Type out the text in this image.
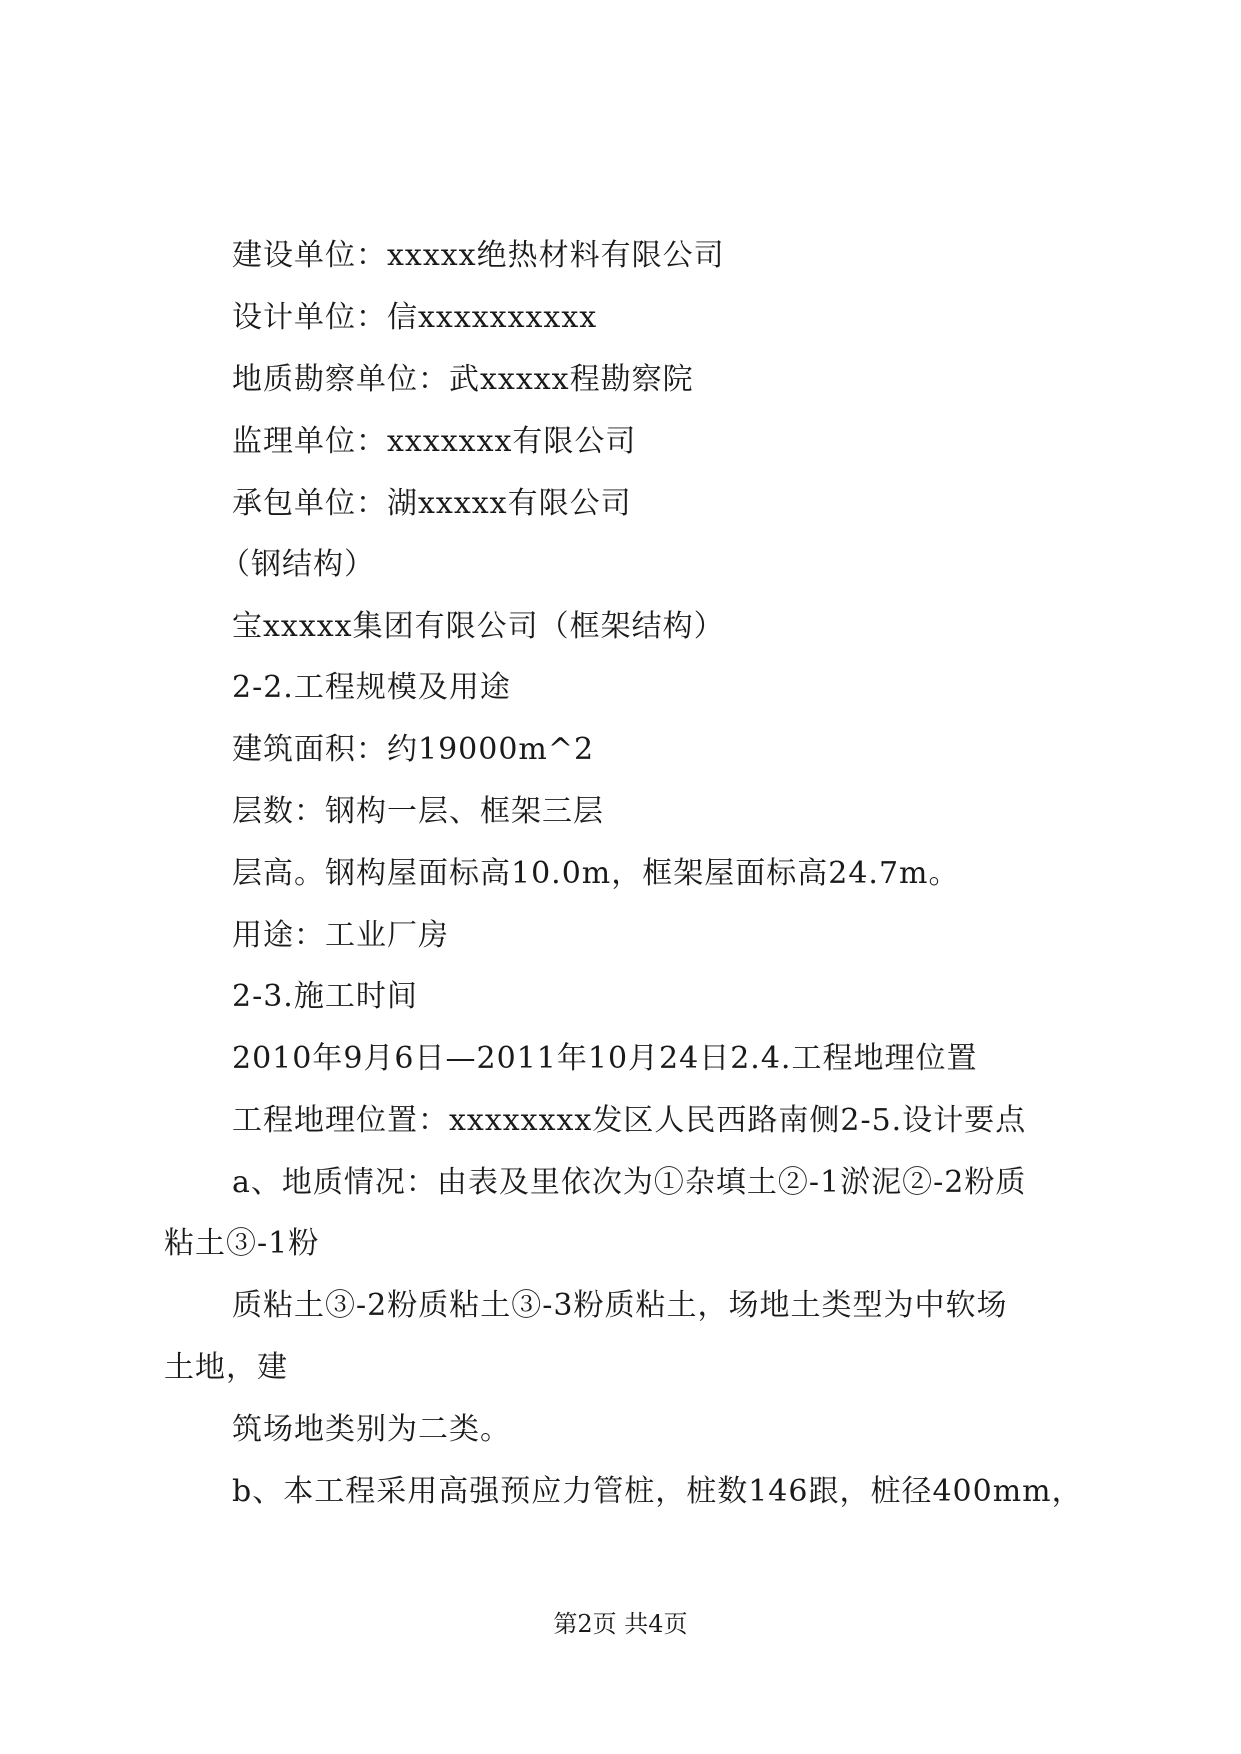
建设单位：xxxxx绝热材料有限公司
设计单位：信xxxxxxxxxx
地质勘察单位：武xxxxx程勘察院
监理单位：xxxxxxx有限公司
承包单位：湖xxxxx有限公司
（钢结构）
宝xxxxx集团有限公司（框架结构）
2-2.工程规模及用途
建筑面积：约19000m^2
层数：钢构一层、框架三层
层高。钢构屋面标高10.0m，框架屋面标高24.7m。
用途：工业厂房
2-3.施工时间
2010年9月6日—2011年10月24日2.4.工程地理位置
工程地理位置：xxxxxxxx发区人民西路南侧2-5.设计要点
a、地质情况：由表及里依次为①杂填土②-1淤泥②-2粉质
粘土③-1粉
质粘土③-2粉质粘土③-3粉质粘土，场地土类型为中软场
土地，建
筑场地类别为二类。
b、本工程采用高强预应力管桩，桩数146跟，桩径400mm，
第2页 共4页
